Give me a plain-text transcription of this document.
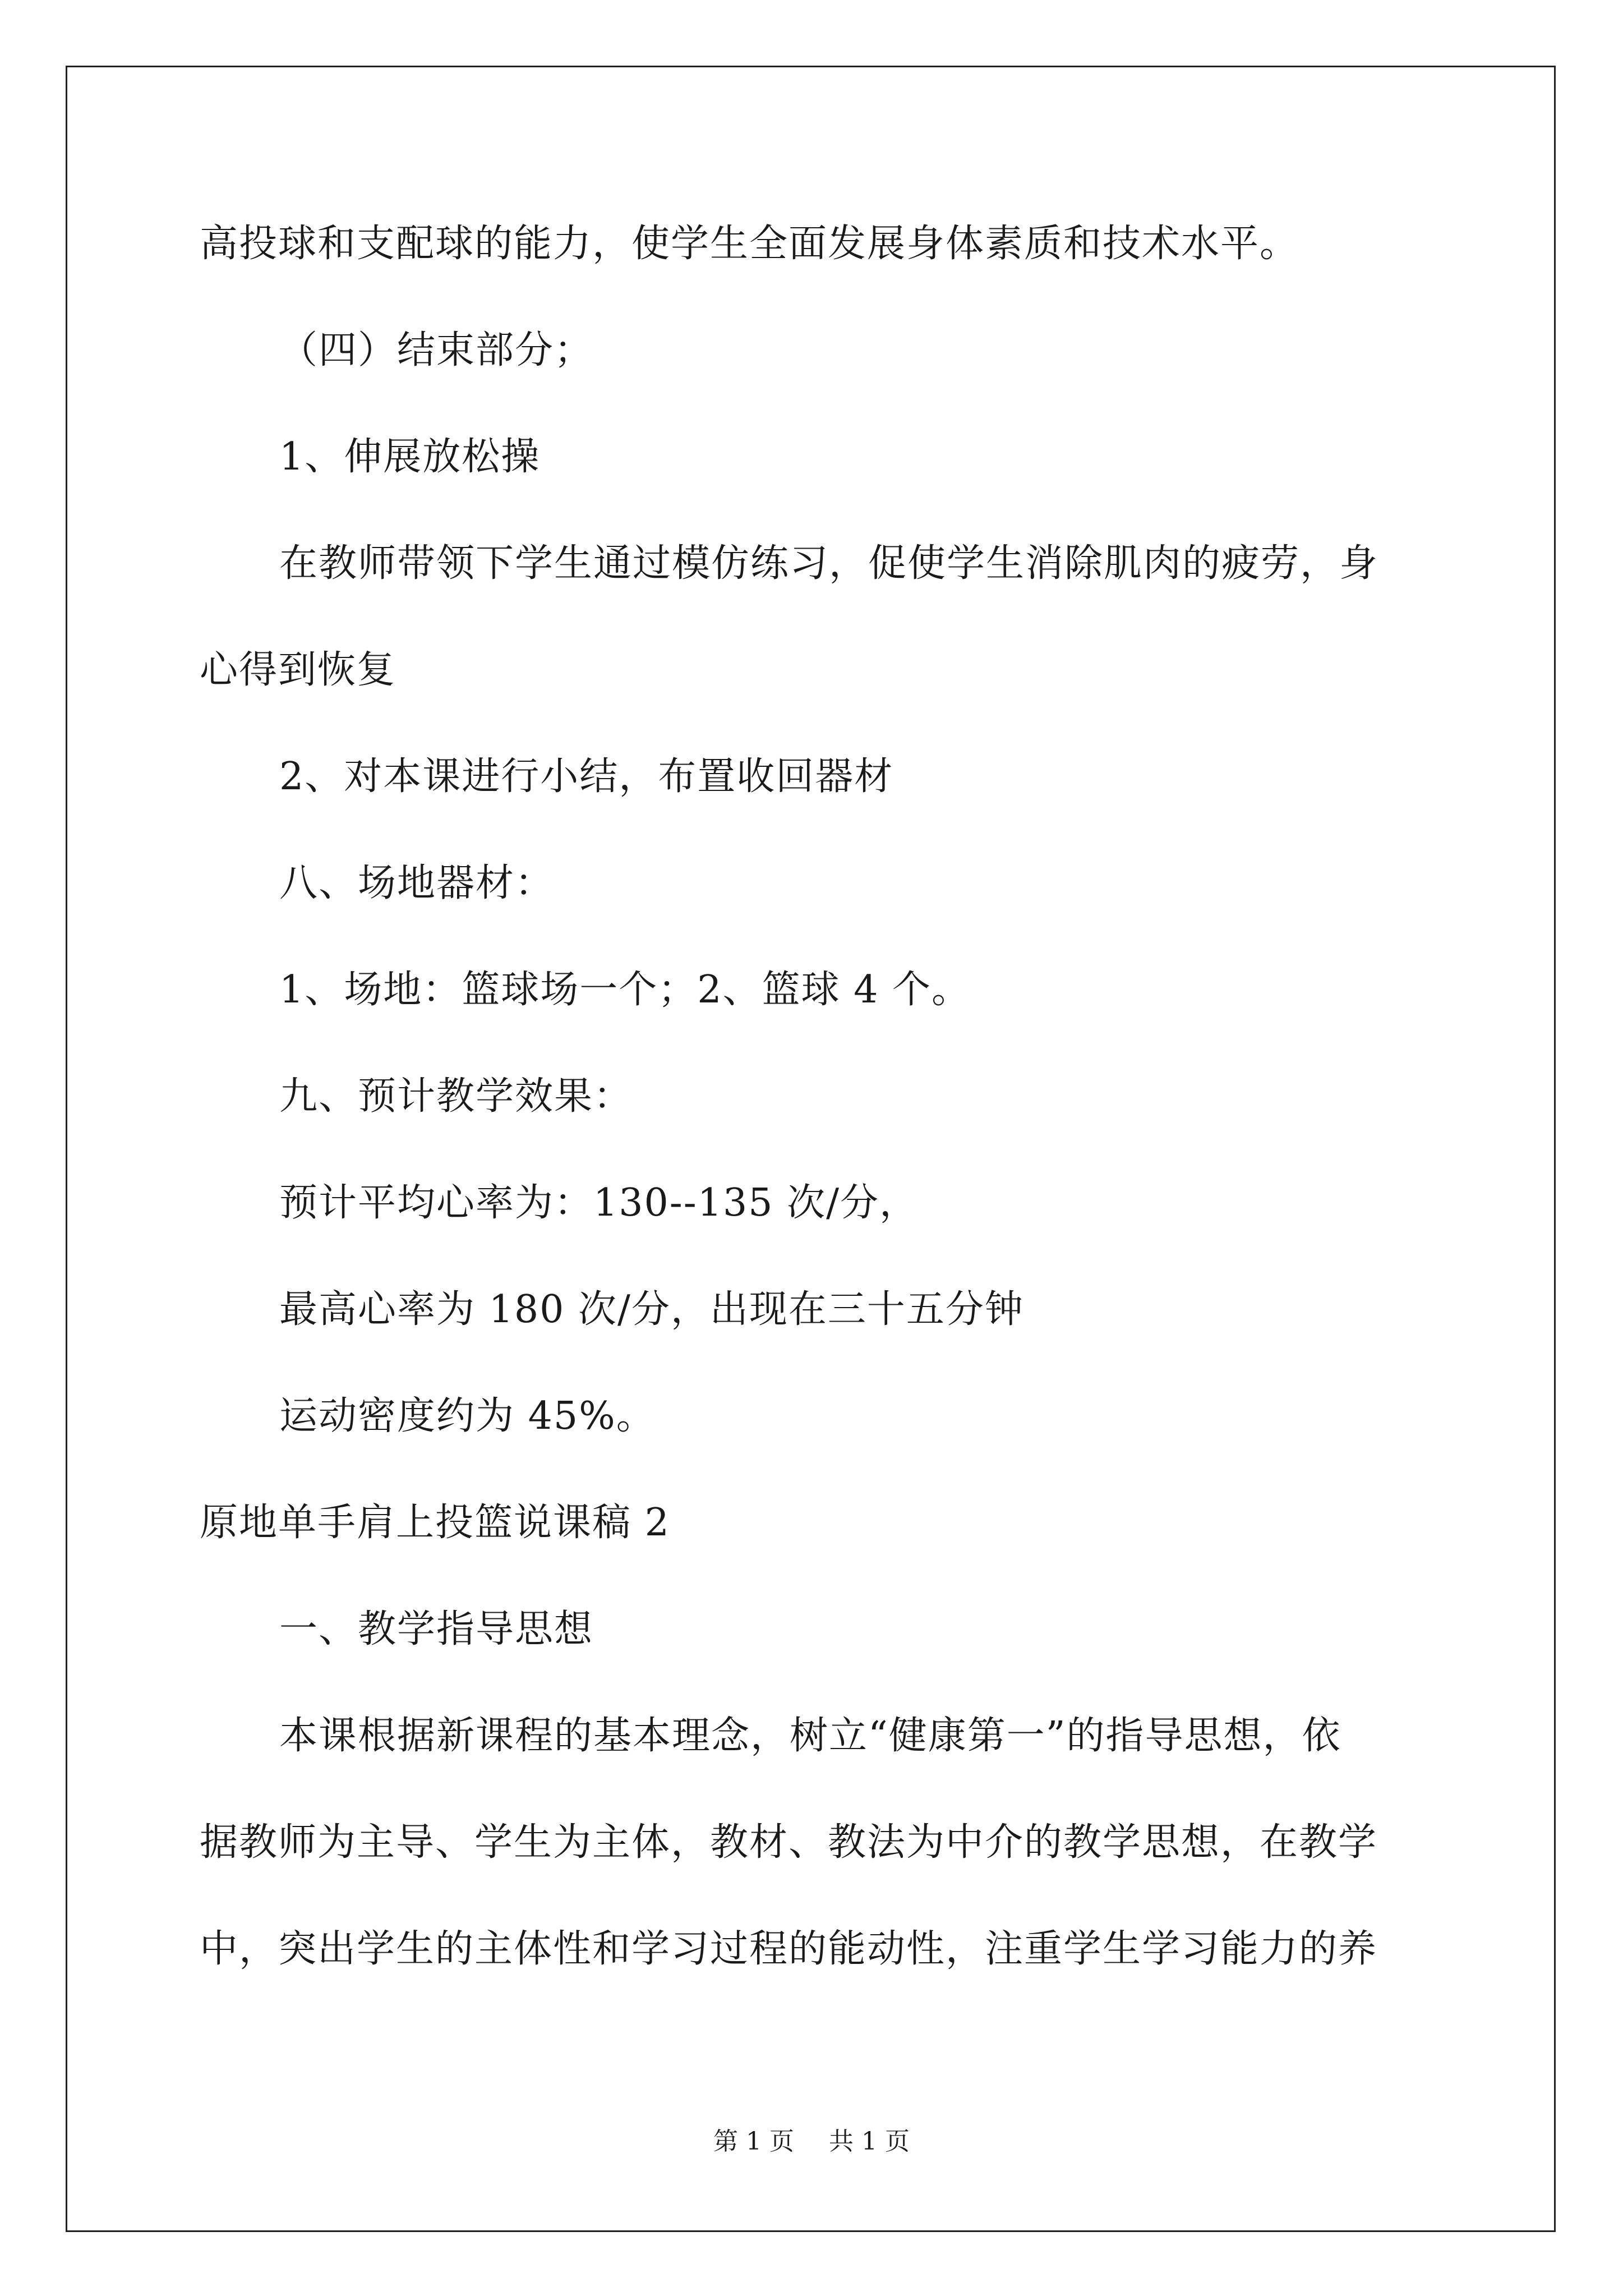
高投球和支配球的能力，使学生全面发展身体素质和技术水平。
（四）结束部分；
1、伸展放松操
在教师带领下学生通过模仿练习，促使学生消除肌肉的疲劳，身
心得到恢复
2、对本课进行小结，布置收回器材
八、场地器材：
1、场地：篮球场一个；2、篮球 4 个。
九、预计教学效果：
预计平均心率为：130--135 次/分，
最高心率为 180 次/分，出现在三十五分钟
运动密度约为 45%。
原地单手肩上投篮说课稿 2
一、教学指导思想
本课根据新课程的基本理念，树立“健康第一”的指导思想，依
据教师为主导、学生为主体，教材、教法为中介的教学思想，在教学
中，突出学生的主体性和学习过程的能动性，注重学生学习能力的养
第 1 页 共 1 页
